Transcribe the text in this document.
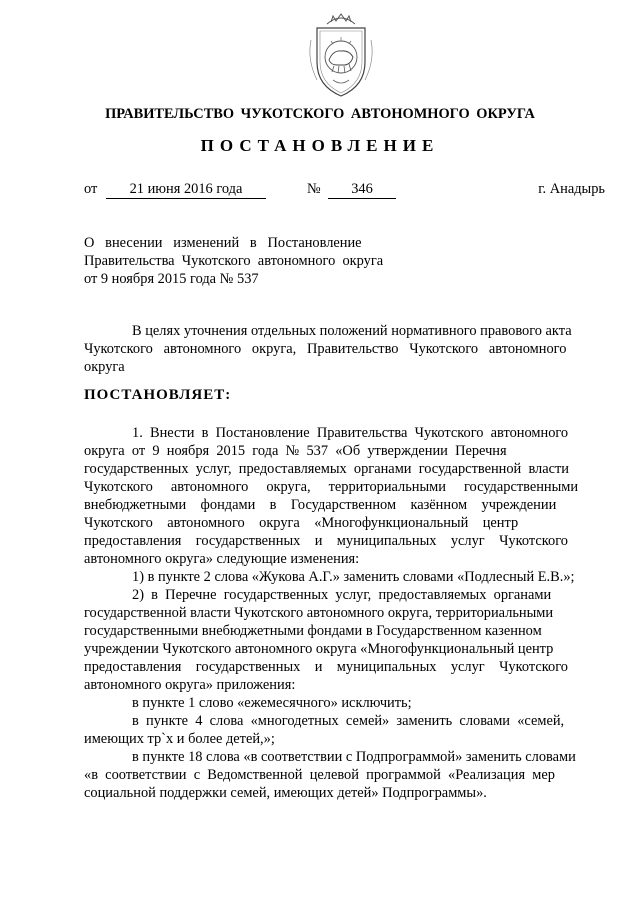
ПРАВИТЕЛЬСТВО ЧУКОТСКОГО АВТОНОМНОГО ОКРУГА
ПОСТАНОВЛЕНИЕ
от	21 июня 2016 года	№	346	г. Анадырь
О   внесении   изменений   в   Постановление
Правительства  Чукотского  автономного  округа
от 9 ноября 2015 года № 537
В целях уточнения отдельных положений нормативного правового акта
Чукотского   автономного   округа,   Правительство   Чукотского   автономного
округа
ПОСТАНОВЛЯЕТ:
1.  Внести  в  Постановление  Правительства  Чукотского  автономного
округа  от  9  ноября  2015  года  №  537  «Об  утверждении  Перечня
государственных  услуг,  предоставляемых  органами  государственной  власти
Чукотского     автономного     округа,     территориальными     государственными
внебюджетными    фондами    в    Государственном    казённом    учреждении
Чукотского    автономного    округа    «Многофункциональный    центр
предоставления    государственных    и    муниципальных    услуг    Чукотского
автономного округа» следующие изменения:
1) в пункте 2 слова «Жукова А.Г.» заменить словами «Подлесный Е.В.»;
2)  в  Перечне  государственных  услуг,  предоставляемых  органами
государственной власти Чукотского автономного округа, территориальными
государственными внебюджетными фондами в Государственном казенном
учреждении Чукотского автономного округа «Многофункциональный центр
предоставления    государственных    и    муниципальных    услуг    Чукотского
автономного округа» приложения:
в пункте 1 слово «ежемесячного» исключить;
в  пункте  4  слова  «многодетных  семей»  заменить  словами  «семей,
имеющих тр`х и более детей,»;
в пункте 18 слова «в соответствии с Подпрограммой» заменить словами
«в  соответствии  с  Ведомственной  целевой  программой  «Реализация  мер
социальной поддержки семей, имеющих детей» Подпрограммы».
